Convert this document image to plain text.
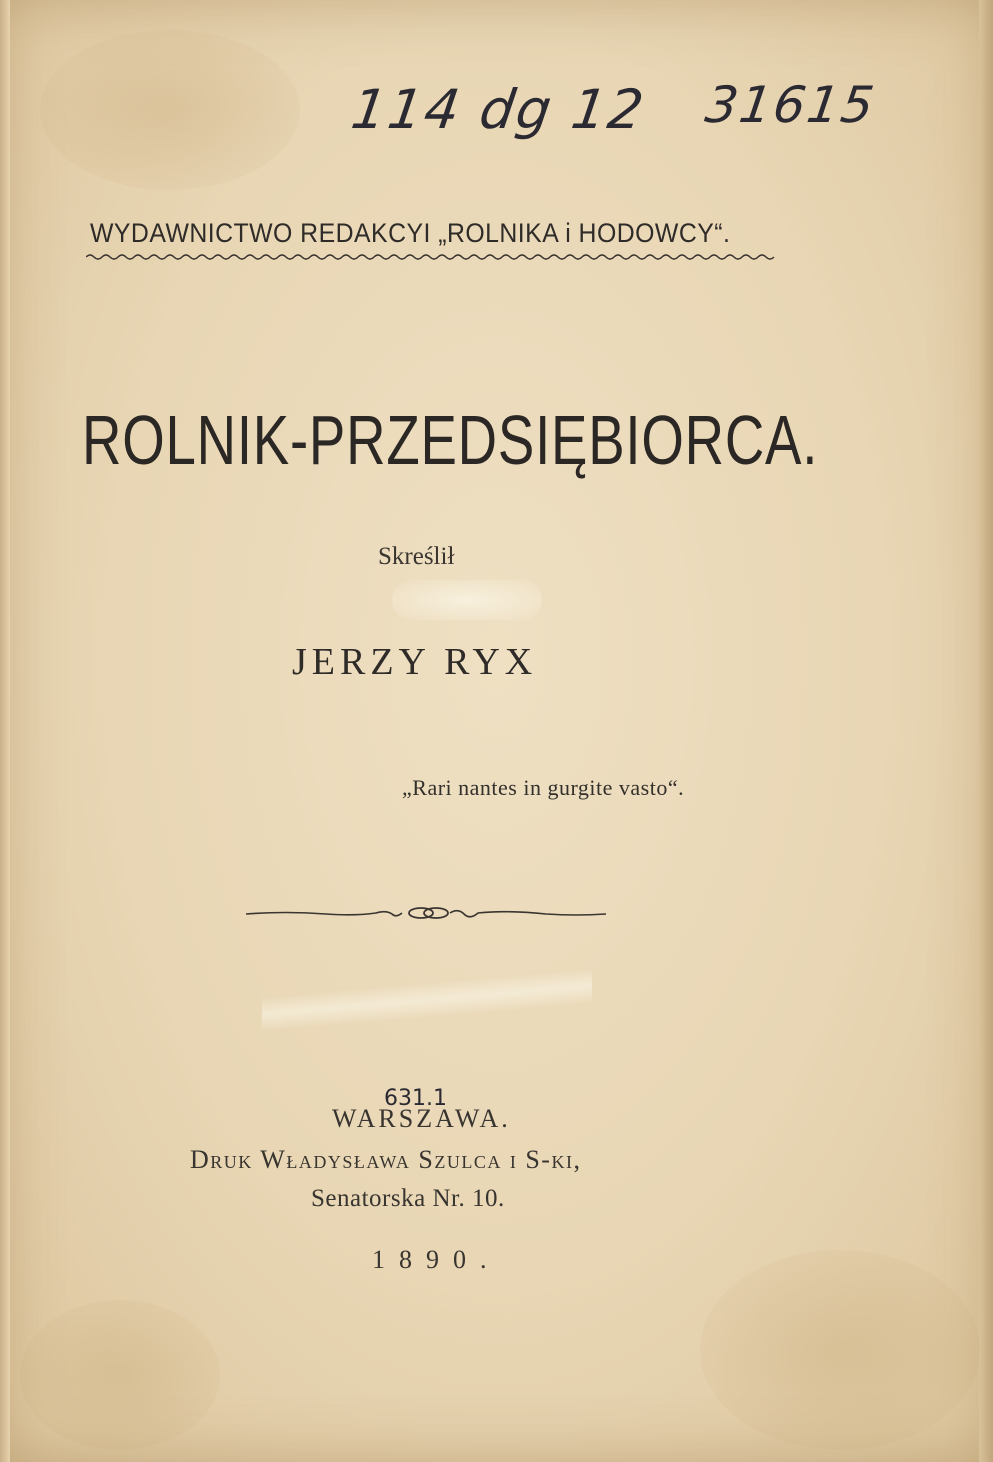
114 dg 12 31615
WYDAWNICTWO REDAKCYI „ROLNIKA i HODOWCY“.
ROLNIK-PRZEDSIĘBIORCA.
Skreślił
JERZY RYX
„Rari nantes in gurgite vasto“.
631.1
WARSZAWA.
Druk Władysława Szulca i S-ki,
Senatorska Nr. 10.
1890.
